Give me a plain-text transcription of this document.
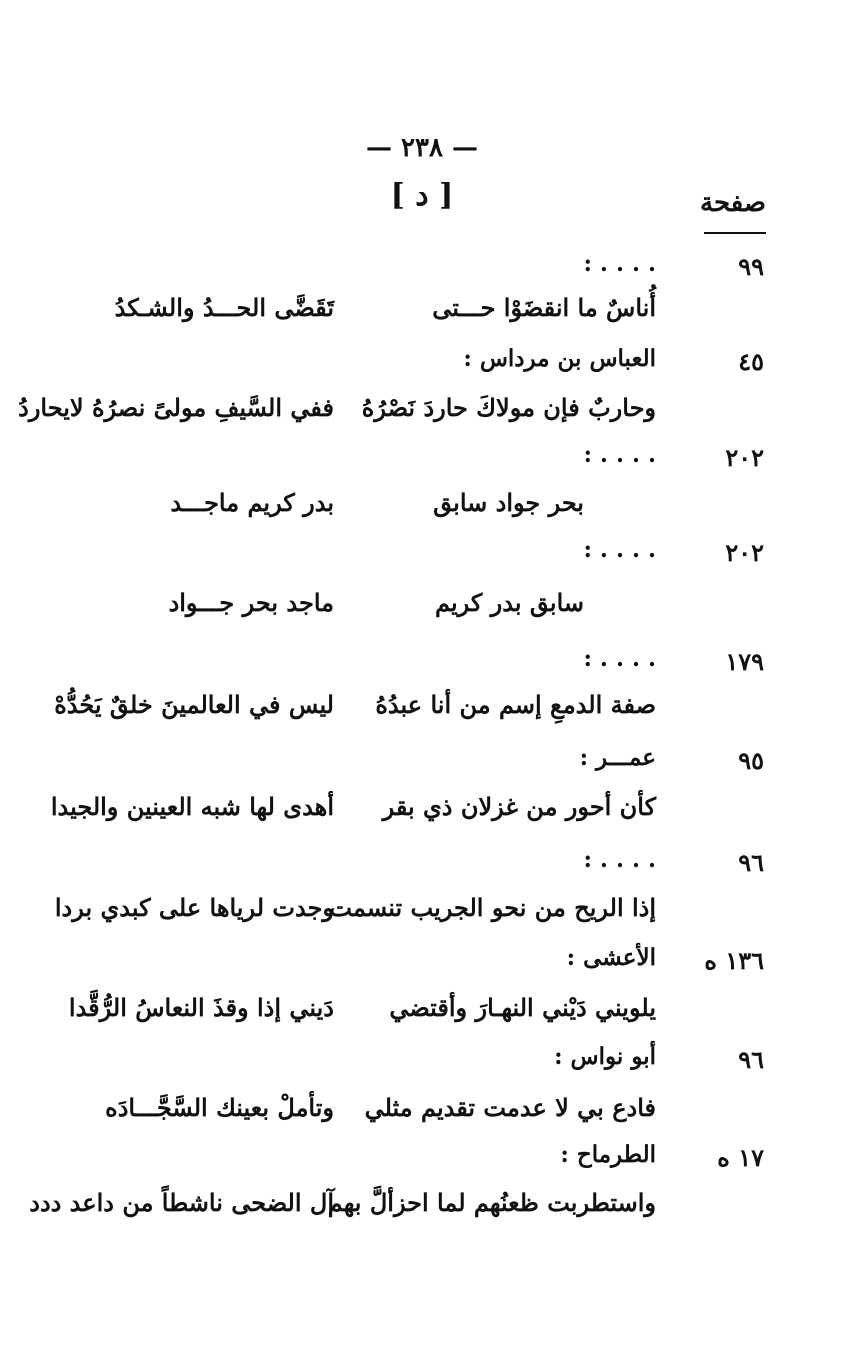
— ٢٣٨ —
[ د ]	صفحة
٩٩
. . . . :
أُناسٌ ما انقضَوْا حـــتى
تَقَضَّى الحـــدُ والشـكدُ
٤٥
العباس بن مرداس :
وحاربٌ فإن مولاكَ حاردَ نَصْرُهُ
ففي السَّيفِ مولىً نصرُهُ لايحاردُ
٢٠٢
. . . . :
بحر جواد سابق
بدر كريم ماجـــد
٢٠٢
. . . . :
سابق بدر كريم
ماجد بحر جـــواد
١٧٩
. . . . :
صفة الدمعِ إسم من أنا عبدُهُ
ليس في العالمينَ خلقٌ يَحُدُّهْ
٩٥
عمـــر :
كأن أحور من غزلان ذي بقر
أهدى لها شبه العينين والجيدا
٩٦
. . . . :
إذا الريح من نحو الجريب تنسمت
وجدت لرياها على كبدي بردا
١٣٦ ه
الأعشى :
يلويني دَيْني النهـارَ وأقتضي
دَيني إذا وقذَ النعاسُ الرُّقَّدا
٩٦
أبو نواس :
فادع بي لا عدمت تقديم مثلي
وتأملْ بعينك السَّجَّـــادَه
١٧ ه
الطرماح :
واستطربت ظعنُهم لما احزألَّ بهم
آل الضحى ناشطاً من داعد ددد
